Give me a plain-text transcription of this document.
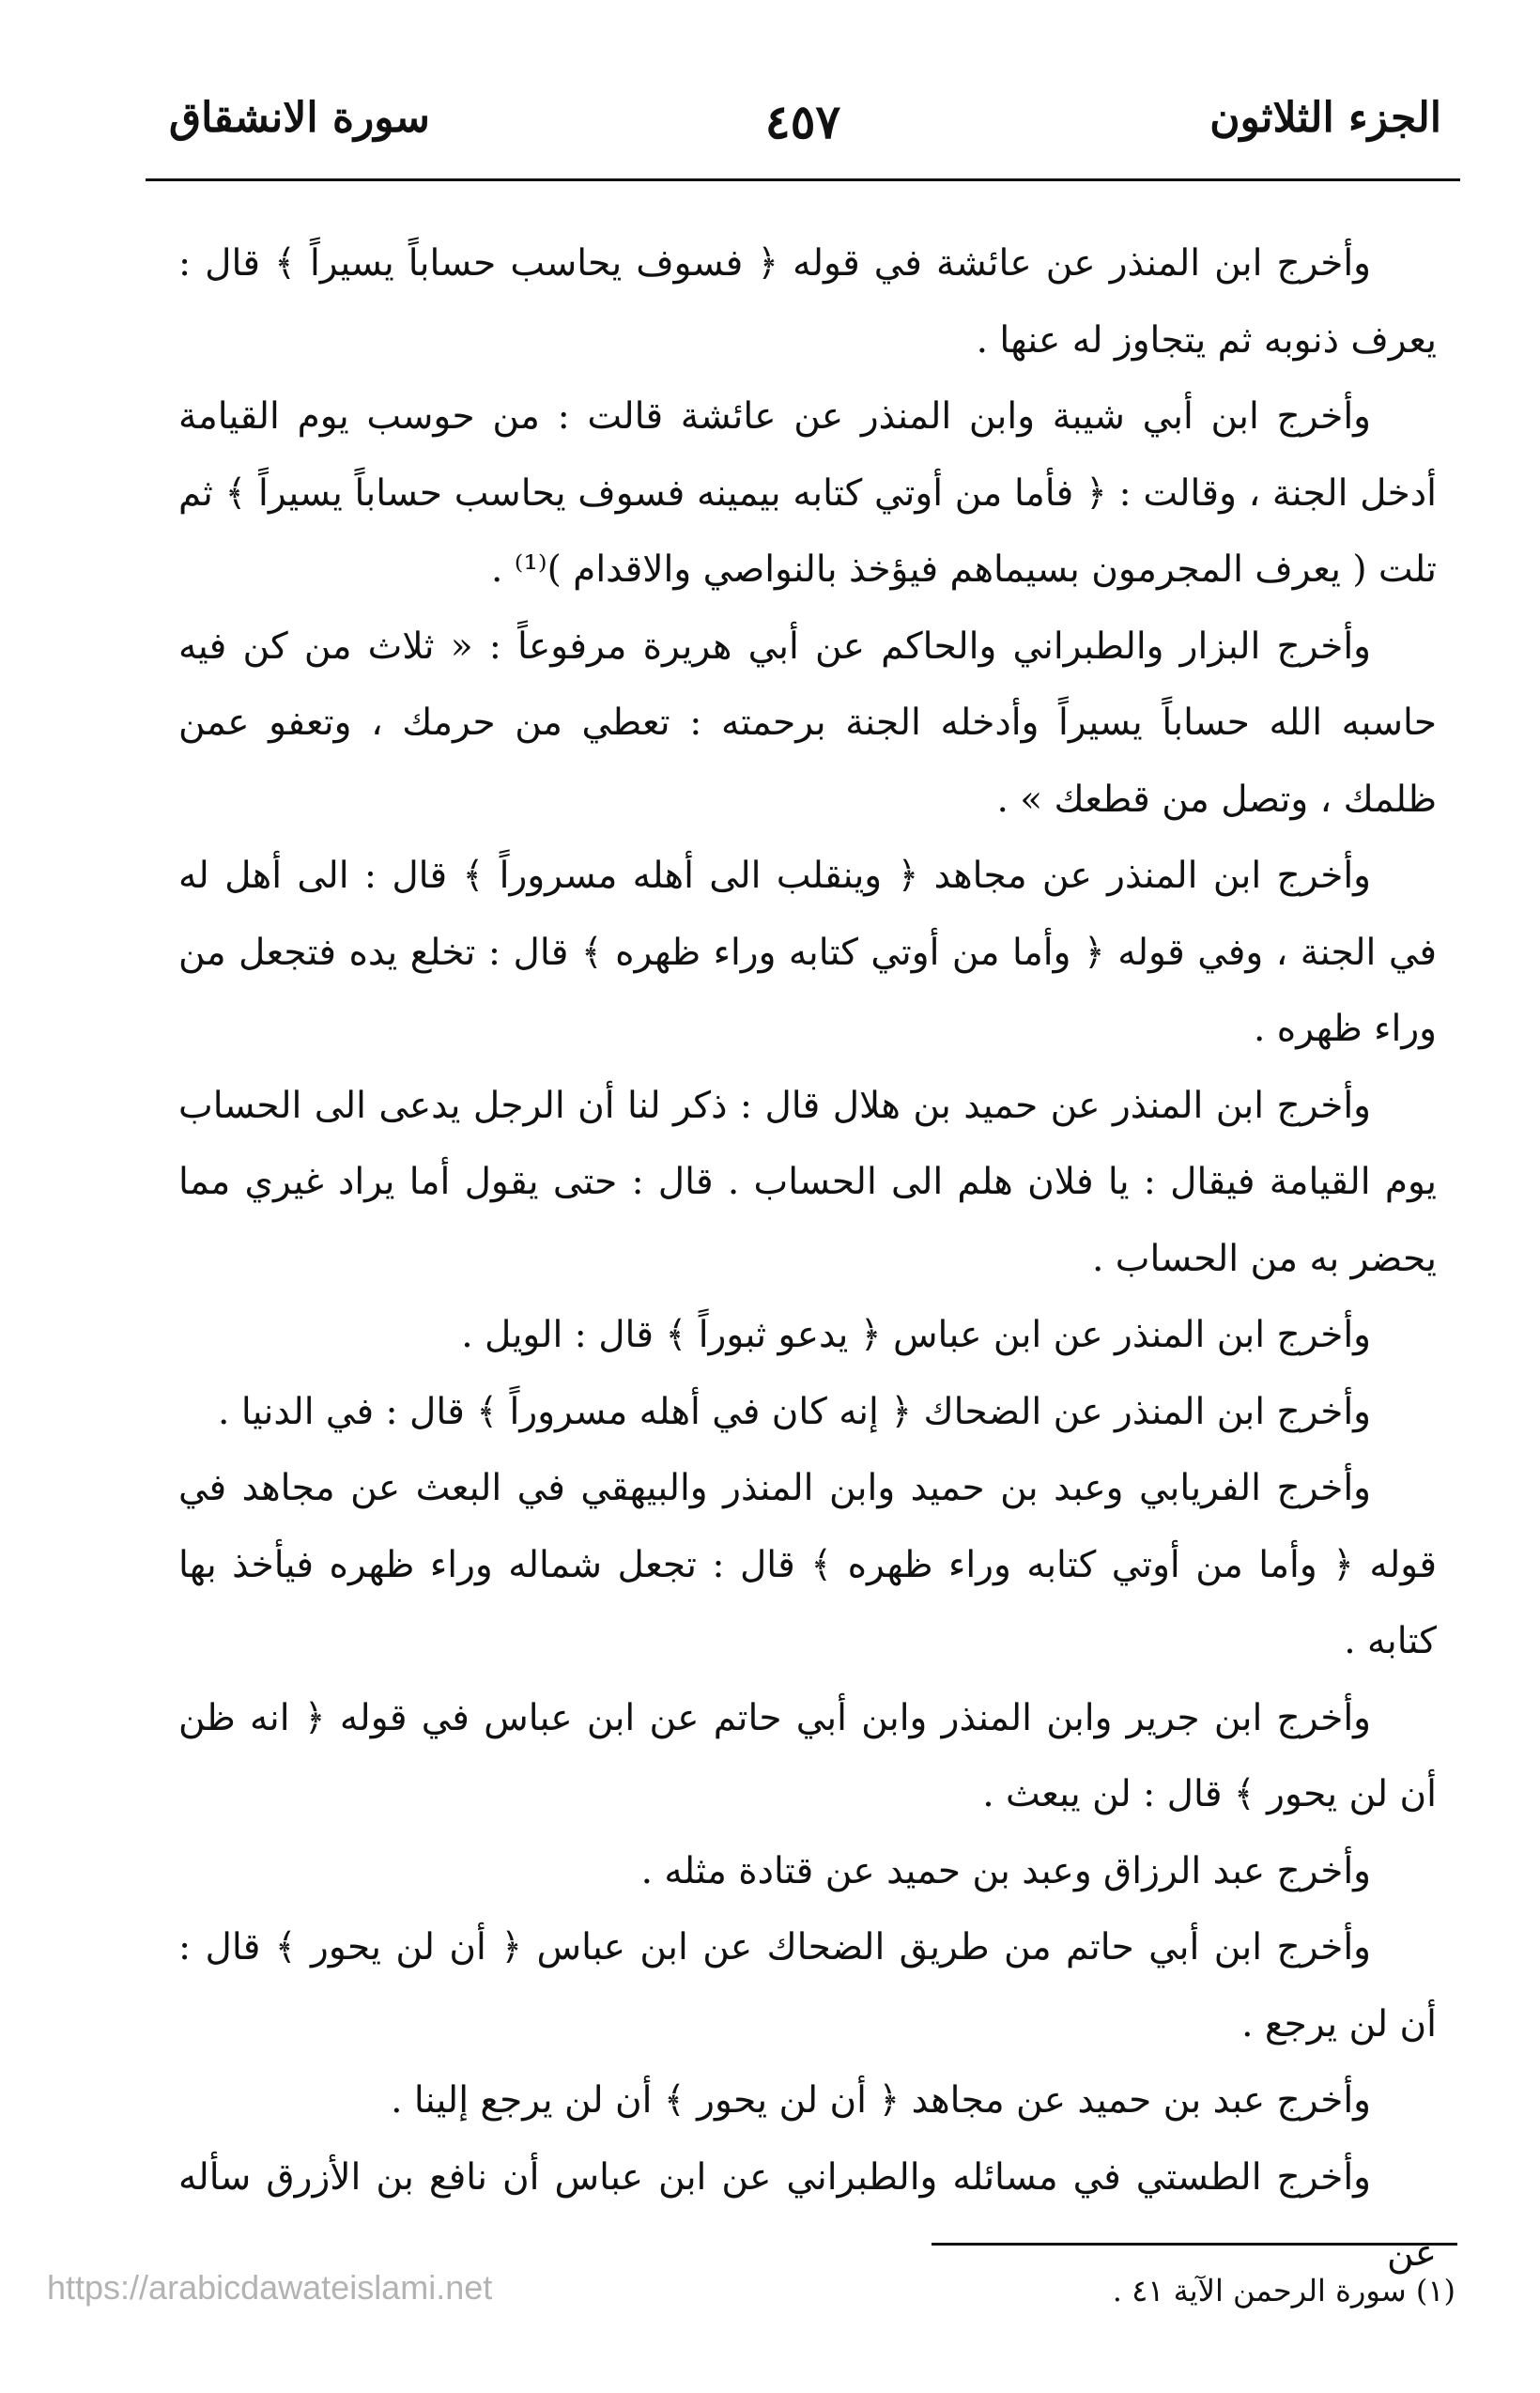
الجزء الثلاثون
٤٥٧
سورة الانشقاق

وأخرج ابن المنذر عن عائشة في قوله ﴿ فسوف يحاسب حساباً يسيراً ﴾ قال : يعرف ذنوبه ثم يتجاوز له عنها .

وأخرج ابن أبي شيبة وابن المنذر عن عائشة قالت : من حوسب يوم القيامة أدخل الجنة ، وقالت : ﴿ فأما من أوتي كتابه بيمينه فسوف يحاسب حساباً يسيراً ﴾ ثم تلت ( يعرف المجرمون بسيماهم فيؤخذ بالنواصي والاقدام )⁽¹⁾ .

وأخرج البزار والطبراني والحاكم عن أبي هريرة مرفوعاً : « ثلاث من كن فيه حاسبه الله حساباً يسيراً وأدخله الجنة برحمته : تعطي من حرمك ، وتعفو عمن ظلمك ، وتصل من قطعك » .

وأخرج ابن المنذر عن مجاهد ﴿ وينقلب الى أهله مسروراً ﴾ قال : الى أهل له في الجنة ، وفي قوله ﴿ وأما من أوتي كتابه وراء ظهره ﴾ قال : تخلع يده فتجعل من وراء ظهره .

وأخرج ابن المنذر عن حميد بن هلال قال : ذكر لنا أن الرجل يدعى الى الحساب يوم القيامة فيقال : يا فلان هلم الى الحساب . قال : حتى يقول أما يراد غيري مما يحضر به من الحساب .

وأخرج ابن المنذر عن ابن عباس ﴿ يدعو ثبوراً ﴾ قال : الويل .

وأخرج ابن المنذر عن الضحاك ﴿ إنه كان في أهله مسروراً ﴾ قال : في الدنيا .

وأخرج الفريابي وعبد بن حميد وابن المنذر والبيهقي في البعث عن مجاهد في قوله ﴿ وأما من أوتي كتابه وراء ظهره ﴾ قال : تجعل شماله وراء ظهره فيأخذ بها كتابه .

وأخرج ابن جرير وابن المنذر وابن أبي حاتم عن ابن عباس في قوله ﴿ انه ظن أن لن يحور ﴾ قال : لن يبعث .

وأخرج عبد الرزاق وعبد بن حميد عن قتادة مثله .

وأخرج ابن أبي حاتم من طريق الضحاك عن ابن عباس ﴿ أن لن يحور ﴾ قال : أن لن يرجع .

وأخرج عبد بن حميد عن مجاهد ﴿ أن لن يحور ﴾ أن لن يرجع إلينا .

وأخرج الطستي في مسائله والطبراني عن ابن عباس أن نافع بن الأزرق سأله عن

(١) سورة الرحمن الآية ٤١ .
https://arabicdawateislami.net
